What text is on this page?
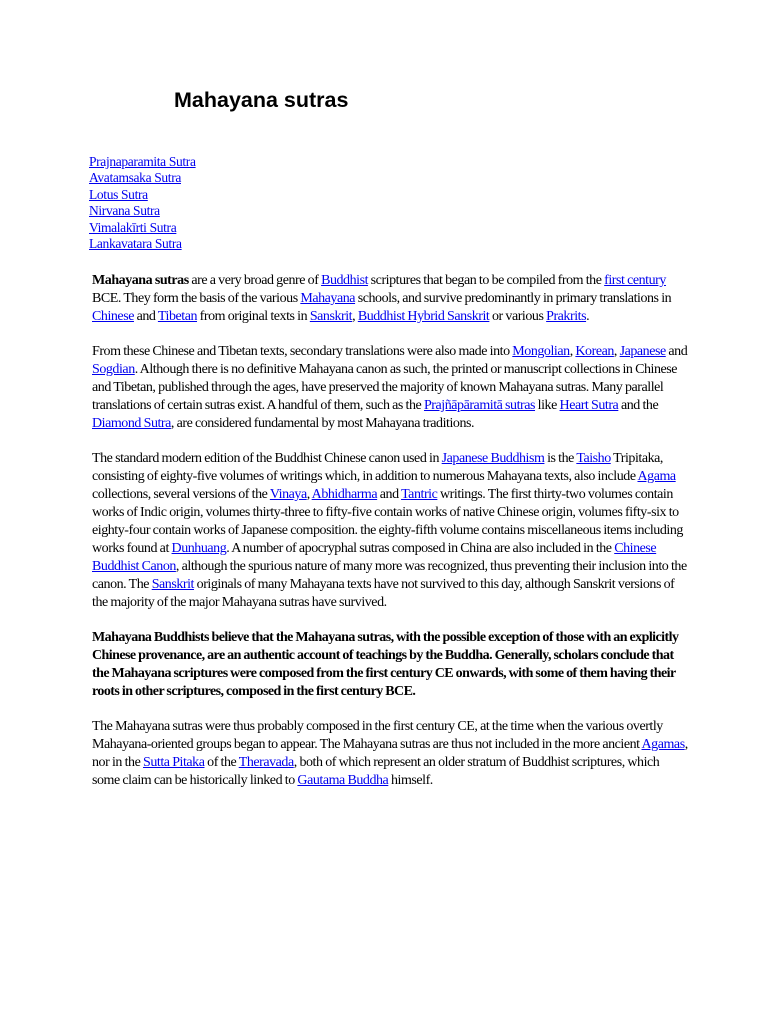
Mahayana sutras
Prajnaparamita Sutra
Avatamsaka Sutra
Lotus Sutra
Nirvana Sutra
Vimalakīrti Sutra
Lankavatara Sutra

Mahayana sutras are a very broad genre of Buddhist scriptures that began to be compiled from the first century BCE. They form the basis of the various Mahayana schools, and survive predominantly in primary translations in Chinese and Tibetan from original texts in Sanskrit, Buddhist Hybrid Sanskrit or various Prakrits.

From these Chinese and Tibetan texts, secondary translations were also made into Mongolian, Korean, Japanese and Sogdian. Although there is no definitive Mahayana canon as such, the printed or manuscript collections in Chinese and Tibetan, published through the ages, have preserved the majority of known Mahayana sutras. Many parallel translations of certain sutras exist. A handful of them, such as the Prajñāpāramitā sutras like Heart Sutra and the Diamond Sutra, are considered fundamental by most Mahayana traditions.

The standard modern edition of the Buddhist Chinese canon used in Japanese Buddhism is the Taisho Tripitaka, consisting of eighty-five volumes of writings which, in addition to numerous Mahayana texts, also include Agama collections, several versions of the Vinaya, Abhidharma and Tantric writings. The first thirty-two volumes contain works of Indic origin, volumes thirty-three to fifty-five contain works of native Chinese origin, volumes fifty-six to eighty-four contain works of Japanese composition. the eighty-fifth volume contains miscellaneous items including works found at Dunhuang. A number of apocryphal sutras composed in China are also included in the Chinese Buddhist Canon, although the spurious nature of many more was recognized, thus preventing their inclusion into the canon. The Sanskrit originals of many Mahayana texts have not survived to this day, although Sanskrit versions of the majority of the major Mahayana sutras have survived.

Mahayana Buddhists believe that the Mahayana sutras, with the possible exception of those with an explicitly Chinese provenance, are an authentic account of teachings by the Buddha. Generally, scholars conclude that the Mahayana scriptures were composed from the first century CE onwards, with some of them having their roots in other scriptures, composed in the first century BCE.

The Mahayana sutras were thus probably composed in the first century CE, at the time when the various overtly Mahayana-oriented groups began to appear. The Mahayana sutras are thus not included in the more ancient Agamas, nor in the Sutta Pitaka of the Theravada, both of which represent an older stratum of Buddhist scriptures, which some claim can be historically linked to Gautama Buddha himself.
